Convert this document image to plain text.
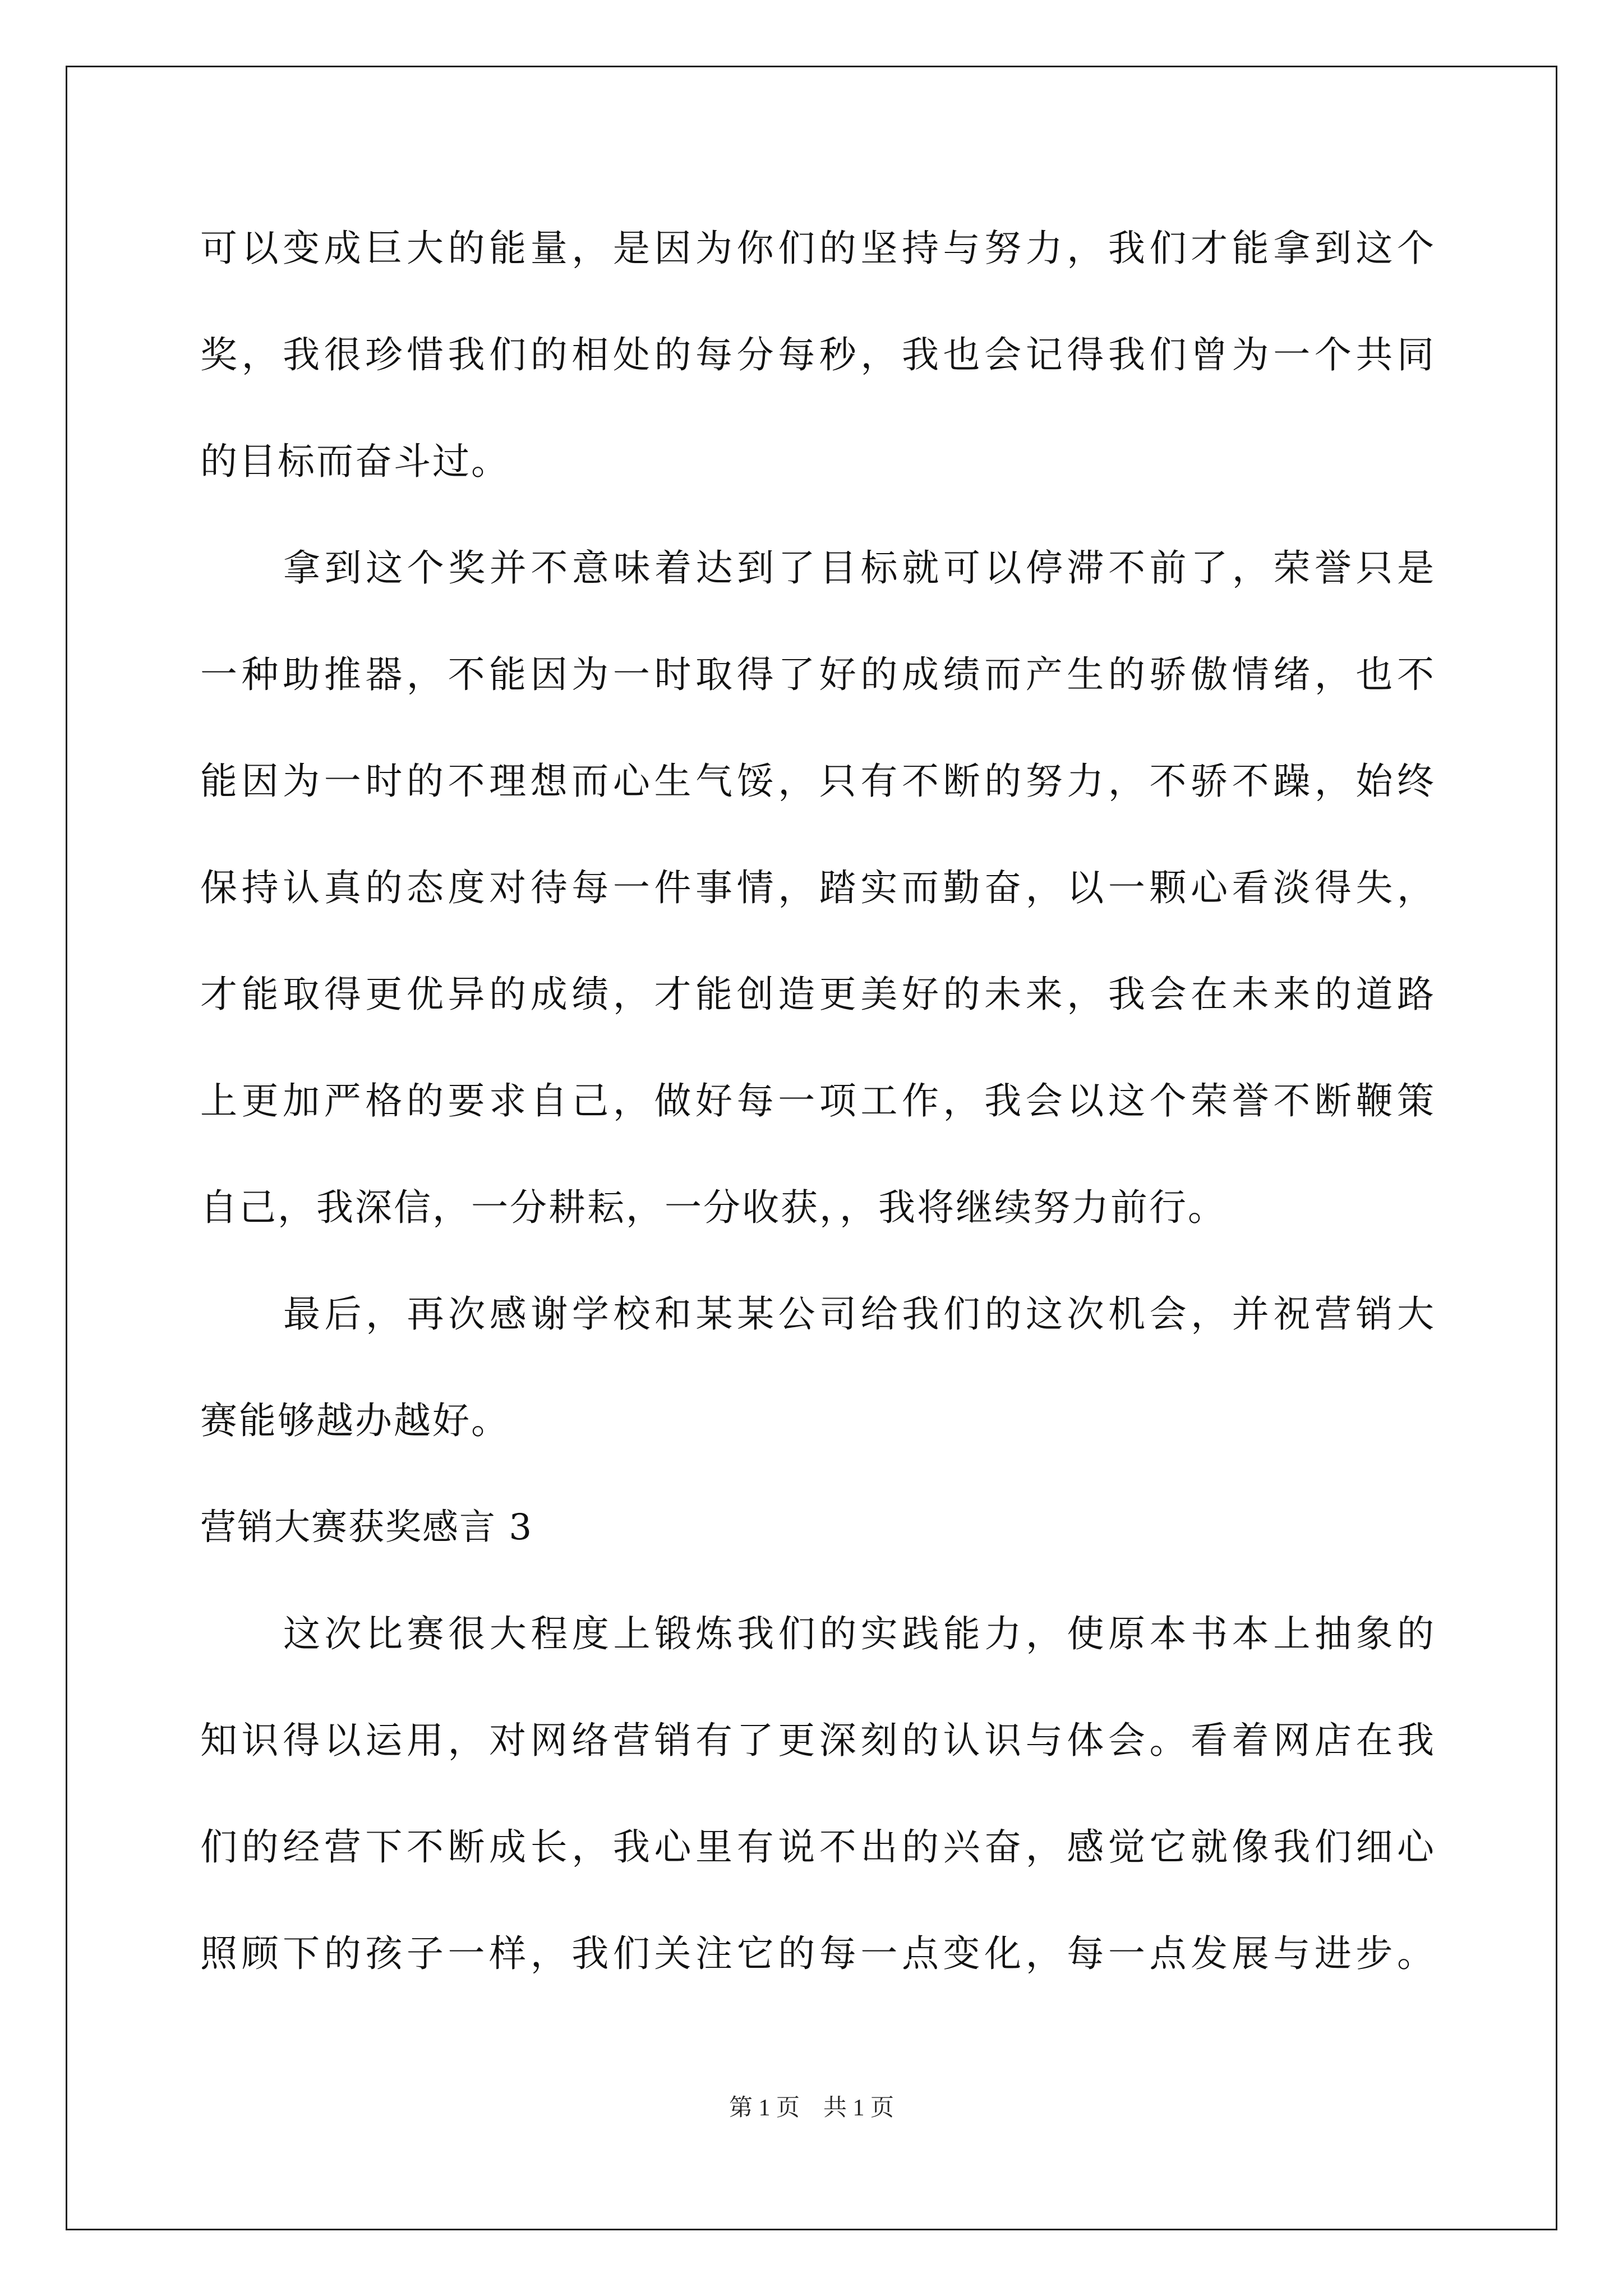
可以变成巨大的能量，是因为你们的坚持与努力，我们才能拿到这个
奖，我很珍惜我们的相处的每分每秒，我也会记得我们曾为一个共同
的目标而奋斗过。
拿到这个奖并不意味着达到了目标就可以停滞不前了，荣誉只是
一种助推器，不能因为一时取得了好的成绩而产生的骄傲情绪，也不
能因为一时的不理想而心生气馁，只有不断的努力，不骄不躁，始终
保持认真的态度对待每一件事情，踏实而勤奋，以一颗心看淡得失，
才能取得更优异的成绩，才能创造更美好的未来，我会在未来的道路
上更加严格的要求自己，做好每一项工作，我会以这个荣誉不断鞭策
自己，我深信，一分耕耘，一分收获，，我将继续努力前行。
最后，再次感谢学校和某某公司给我们的这次机会，并祝营销大
赛能够越办越好。
营销大赛获奖感言 3
这次比赛很大程度上锻炼我们的实践能力，使原本书本上抽象的
知识得以运用，对网络营销有了更深刻的认识与体会。看着网店在我
们的经营下不断成长，我心里有说不出的兴奋，感觉它就像我们细心
照顾下的孩子一样，我们关注它的每一点变化，每一点发展与进步。
第 1 页　共 1 页
